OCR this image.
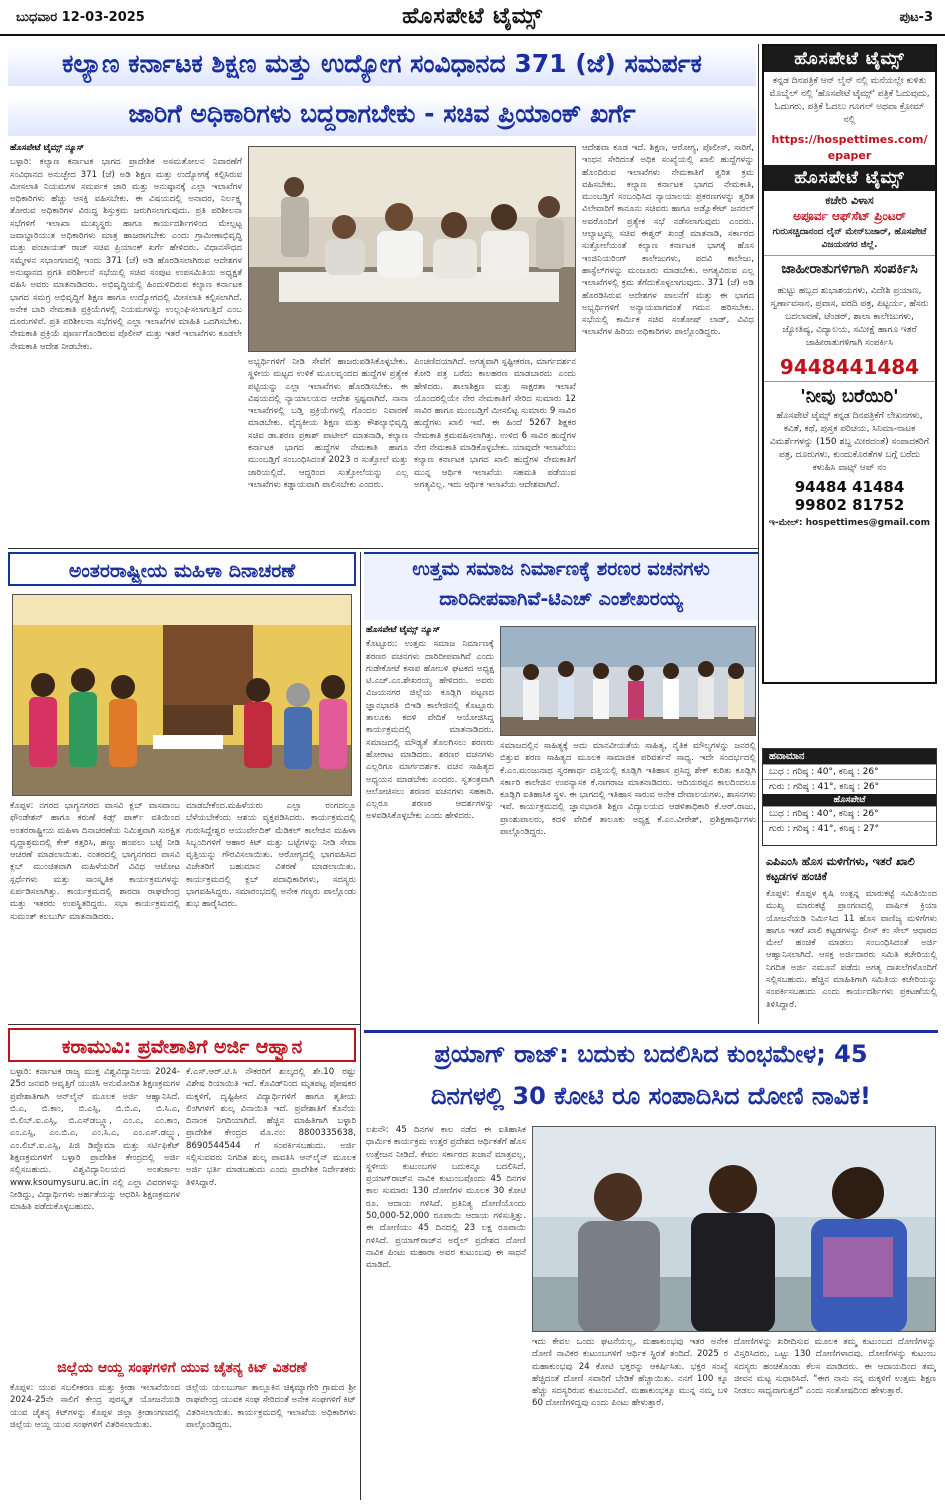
ಬುಧವಾರ 12-03-2025	ಹೊಸಪೇಟೆ ಟೈಮ್ಸ್	ಪುಟ-3
ಕಲ್ಯಾಣ ಕರ್ನಾಟಕ ಶಿಕ್ಷಣ ಮತ್ತು ಉದ್ಯೋಗ ಸಂವಿಧಾನದ 371 (ಜೆ) ಸಮರ್ಪಕ
ಜಾರಿಗೆ ಅಧಿಕಾರಿಗಳು ಬದ್ದರಾಗಬೇಕು - ಸಚಿವ ಪ್ರಿಯಾಂಕ್ ಖರ್ಗೆ

ಹೊಸಪೇಟೆ ಟೈಮ್ಸ್ ನ್ಯೂಸ್

ಬಳ್ಳಾರಿ: ಕಲ್ಯಾಣ ಕರ್ನಾಟಕ ಭಾಗದ ಪ್ರಾದೇಶಿಕ ಅಸಮತೋಲನ ನಿವಾರಣೆಗೆ ಸಂವಿಧಾನದ ಅನುಚ್ಛೇದ 371 (ಜೆ) ಅಡಿ ಶಿಕ್ಷಣ ಮತ್ತು ಉದ್ಯೋಗಕ್ಕೆ ಕಲ್ಪಿಸಿರುವ ಮೀಸಲಾತಿ ನಿಯಮಗಳ ಸಮರ್ಪಕ ಜಾರಿ ಮತ್ತು ಅನುಷ್ಠಾನಕ್ಕೆ ಎಲ್ಲಾ ಇಲಾಖೆಗಳ ಅಧಿಕಾರಿಗಳು ಹೆಚ್ಚು ಆಸಕ್ತಿ ವಹಿಸಬೇಕು. ಈ ವಿಷಯದಲ್ಲಿ ಅನಾದರ, ನಿರ್ಲಕ್ಷ್ಯ ತೋರುವ ಅಧಿಕಾರಿಗಳ ವಿರುದ್ಧ ಶಿಸ್ತುಕ್ರಮ ಜರುಗಿಸಲಾಗುವುದು. ಪ್ರತಿ ಪರಿಶೀಲನಾ ಸಭೆಗಳಿಗೆ ಇಲಾಖಾ ಮುಖ್ಯಸ್ಥರು ಹಾಗೂ ಕಾರ್ಯದರ್ಶಿಗಳಿಂದ ಮೇಲ್ಪಟ್ಟ ಜವಾಬ್ದಾರಿಯುತ ಅಧಿಕಾರಿಗಳು ಮಾತ್ರ ಹಾಜರಾಗಬೇಕು ಎಂದು ಗ್ರಾಮೀಣಾಭಿವೃದ್ಧಿ ಮತ್ತು ಪಂಚಾಯತ್ ರಾಜ್ ಸಚಿವ ಪ್ರಿಯಾಂಕ್ ಖರ್ಗೆ ಹೇಳಿದರು. ವಿಧಾನಸೌಧದ ಸಮ್ಮೇಳನ ಸಭಾಂಗಣದಲ್ಲಿ ಇಂದು 371 (ಜೆ) ಅಡಿ ಹೊರಡಿಸಲಾಗಿರುವ ಆದೇಶಗಳ ಅನುಷ್ಠಾನದ ಪ್ರಗತಿ ಪರಿಶೀಲನೆ ಸಭೆಯಲ್ಲಿ ಸಚಿವ ಸಂಪುಟ ಉಪಸಮಿತಿಯ ಅಧ್ಯಕ್ಷತೆ ವಹಿಸಿ ಅವರು ಮಾತನಾಡಿದರು. ಅಭಿವೃದ್ಧಿಯಲ್ಲಿ ಹಿಂದುಳಿದಿರುವ ಕಲ್ಯಾಣ ಕರ್ನಾಟಕ ಭಾಗದ ಸಮಗ್ರ ಅಭಿವೃದ್ಧಿಗೆ ಶಿಕ್ಷಣ ಹಾಗೂ ಉದ್ಯೋಗದಲ್ಲಿ ಮೀಸಲಾತಿ ಕಲ್ಪಿಸಲಾಗಿದೆ. ಅನೇಕ ಬಾರಿ ನೇಮಕಾತಿ ಪ್ರಕ್ರಿಯೆಗಳಲ್ಲಿ ನಿಯಮಗಳನ್ನು ಉಲ್ಲಂಘಿಸಲಾಗುತ್ತಿದೆ ಎಂಬ ದೂರುಗಳಿವೆ. ಪ್ರತಿ ಪರಿಶೀಲನಾ ಸಭೆಗಳಲ್ಲಿ ಎಲ್ಲಾ ಇಲಾಖೆಗಳ ಮಾಹಿತಿ ಒದಗಿಸಬೇಕು. ನೇಮಕಾತಿ ಪ್ರಕ್ರಿಯೆ ಪೂರ್ಣಗೊಂಡಿರುವ ಪೊಲೀಸ್ ಮತ್ತು ಇತರೆ ಇಲಾಖೆಗಳು ಕೂಡಲೇ ನೇಮಕಾತಿ ಆದೇಶ ನೀಡಬೇಕು.

ಅಭ್ಯರ್ಥಿಗಳಿಗೆ ನೀಡಿ ಸೇವೆಗೆ ಹಾಜರುಪಡಿಸಿಕೊಳ್ಳಬೇಕು. ಸ್ಥಳೀಯ ಮಟ್ಟದ ಉಳಿಕೆ ಮೂಲವೃಂದದ ಹುದ್ದೆಗಳ ಪ್ರತ್ಯೇಕ ಪಟ್ಟಿಯನ್ನು ಎಲ್ಲಾ ಇಲಾಖೆಗಳು ಹೊರಡಿಸಬೇಕು. ಈ ವಿಷಯದಲ್ಲಿ ನ್ಯಾಯಾಲಯದ ಆದೇಶ ಸ್ಪಷ್ಟವಾಗಿದೆ. ನಾನಾ ಇಲಾಖೆಗಳಲ್ಲಿ ಬಡ್ತಿ ಪ್ರಕ್ರಿಯೆಗಳಲ್ಲಿ ಗೊಂದಲ ನಿವಾರಣೆ ಮಾಡಬೇಕು. ವೈದ್ಯಕೀಯ ಶಿಕ್ಷಣ ಮತ್ತು ಕೌಶಲ್ಯಾಭಿವೃದ್ಧಿ ಸಚಿವ ಡಾ.ಶರಣ ಪ್ರಕಾಶ್ ಪಾಟೀಲ್ ಮಾತನಾಡಿ, ಕಲ್ಯಾಣ ಕರ್ನಾಟಕ ಭಾಗದ ಹುದ್ದೆಗಳ ನೇಮಕಾತಿ ಹಾಗೂ ಮುಂಬಡ್ತಿಗೆ ಸಂಬಂಧಿಸಿದಂತೆ 2023 ರ ಸುತ್ತೋಲೆ ಮತ್ತು ಜಾರಿಯಲ್ಲಿದೆ. ಆದ್ದರಿಂದ ಸುತ್ತೋಲೆಯನ್ನು ಎಲ್ಲ ಇಲಾಖೆಗಳು ಕಡ್ಡಾಯವಾಗಿ ಪಾಲಿಸಬೇಕು ಎಂದರು.
ಪಿಂಚಣಿದಯಾಗಿದೆ. ಅಗತ್ಯವಾಗಿ ಸ್ಪಷ್ಟೀಕರಣ, ಮಾರ್ಗದರ್ಶನ ಕೋರಿ ಪತ್ರ ಬರೆದು ಕಾಲಹರಣ ಮಾಡಬಾರದು ಎಂದು ಹೇಳಿದರು. ಶಾಲಾಶಿಕ್ಷಣ ಮತ್ತು ಸಾಕ್ಷರತಾ ಇಲಾಖೆ ಯೊಂದರಲ್ಲಿಯೇ ನೇರ ನೇಮಕಾತಿಗೆ ಸೇರಿದ ಸುಮಾರು 12 ಸಾವಿರ ಹಾಗೂ ಮುಂಬಡ್ತಿಗೆ ಮೀಸಲಿಟ್ಟ ಸುಮಾರು 9 ಸಾವಿರ ಹುದ್ದೆಗಳು ಖಾಲಿ ಇವೆ. ಈ ಹಿಂದೆ 5267 ಶಿಕ್ಷಕರ ನೇಮಕಾತಿ ಕ್ರಮವಹಿಸಲಾಗಿತ್ತು. ಉಳಿದ 6 ಸಾವಿರ ಹುದ್ದೆಗಳ ನೇರ ನೇಮಕಾತಿ ಮಾಡಿಕೊಳ್ಳಬೇಕು. ಯಾವುದೇ ಇಲಾಖೆಯು ಕಲ್ಯಾಣ ಕರ್ನಾಟಕ ಭಾಗದ ಖಾಲಿ ಹುದ್ದೆಗಳ ನೇಮಕಾತಿಗೆ ಮುನ್ನ ಆರ್ಥಿಕ ಇಲಾಖೆಯ ಸಹಮತಿ ಪಡೆಯುವ ಅಗತ್ಯವಿಲ್ಲ. ಇದು ಆರ್ಥಿಕ ಇಲಾಖೆಯ ಆದೇಶವಾಗಿದೆ.
ಆದೇಶವಾ ಕೂಡ ಇದೆ. ಶಿಕ್ಷಣ, ಆರೋಗ್ಯ, ಪೊಲೀಸ್, ಸಾರಿಗೆ, ಇಂಧನ ಸೇರಿದಂತೆ ಅಧಿಕ ಸಂಖ್ಯೆಯಲ್ಲಿ ಖಾಲಿ ಹುದ್ದೆಗಳನ್ನು ಹೊಂದಿರುವ ಇಲಾಖೆಗಳು ನೇಮಕಾತಿಗೆ ತ್ವರಿತ ಕ್ರಮ ವಹಿಸಬೇಕು. ಕಲ್ಯಾಣ ಕರ್ನಾಟಕ ಭಾಗದ ನೇಮಕಾತಿ, ಮುಂಬಡ್ತಿಗೆ ಸಂಬಂಧಿಸಿದ ನ್ಯಾಯಾಲಯ ಪ್ರಕರಣಗಳನ್ನು ತ್ವರಿತ ವಿಲೇವಾರಿಗೆ ಕಾನೂನು ಸಚಿವರು ಹಾಗೂ ಅಡ್ವೊಕೇಟ್ ಜನರಲ್ ಅವರೊಂದಿಗೆ ಪ್ರತ್ಯೇಕ ಸಭೆ ನಡೆಸಲಾಗುವುದು ಎಂದರು. ಆಲ್ಯಾಟ್ಮಮ್ಲ ಸಚಿವ ಈಶ್ವರ್ ಖಂಡ್ರೆ ಮಾತನಾಡಿ, ಸರ್ಕಾರದ ಸುತ್ತೋಲೆಯಂತೆ ಕಲ್ಯಾಣ ಕರ್ನಾಟಕ ಭಾಗಕ್ಕೆ ಹೊಸ ಇಂಜಿನಿಯರಿಂಗ್ ಕಾಲೇಜುಗಳು, ಪದವಿ ಕಾಲೇಜು, ಹಾಸ್ಟೆಲ್‌ಗಳನ್ನು ಮಂಜೂರು ಮಾಡಬೇಕು. ಅಗತ್ಯವಿರುವ ಎಲ್ಲ ಇಲಾಖೆಗಳಲ್ಲಿ ಕ್ರಮ ತೆಗೆದುಕೊಳ್ಳಲಾಗುವುದು. 371 (ಜೆ) ಅಡಿ ಹೊರಡಿಸಿರುವ ಆದೇಶಗಳ ಪಾಲನೆಗೆ ಮತ್ತು ಈ ಭಾಗದ ಅಭ್ಯರ್ಥಿಗಳಿಗೆ ಅನ್ಯಾಯವಾಗದಂತೆ ಗಮನ ಹರಿಸಬೇಕು. ಸಭೆಯಲ್ಲಿ ಕಾರ್ಮಿಕ ಸಚಿವ ಸಂತೋಷ್ ಲಾಡ್, ವಿವಿಧ ಇಲಾಖೆಗಳ ಹಿರಿಯ ಅಧಿಕಾರಿಗಳು ಪಾಲ್ಗೊಂಡಿದ್ದರು.
ಹೊಸಪೇಟೆ ಟೈಮ್ಸ್
ಕನ್ನಡ ದಿನಪತ್ರಿಕೆ ಆನ್ ಲೈನ್ ನಲ್ಲಿ ಮನೆಯಲ್ಲೇ ಕುಳಿತು ಮೊಬೈಲ್ ನಲ್ಲಿ 'ಹೊಸಪೇಟೆ ಟೈಮ್ಸ್' ಪತ್ರಿಕೆ ಓದುವುದು, ಓದುಗರು, ಪತ್ರಿಕೆ ಓದಲು ಗೂಗಲ್ ಅಥವಾ ಕ್ರೋಮ್ ನಲ್ಲಿ
https://hospettimes.com/
epaper
ಹೊಸಪೇಟೆ ಟೈಮ್ಸ್
ಕಚೇರಿ ವಿಳಾಸ
ಅಪೂರ್ವ ಆಫ್‌ಸೆಟ್ ಪ್ರಿಂಟರ್
ಗುರುಸಚ್ಚಿದಾನಂದ ಲೈನ್ ಮೇನ್‌ಬಜಾರ್, ಹೊಸಪೇಟೆ ವಿಜಯನಗರ ಜಿಲ್ಲೆ.
ಜಾಹೀರಾತುಗಳಿಗಾಗಿ ಸಂಪರ್ಕಿಸಿ
ಹುಟ್ಟು ಹಬ್ಬದ ಶುಭಾಶಯಗಳು, ವಿದೇಶಿ ಪ್ರಯಾಣ, ಸ್ವರ್ಣಾವಸಾನ, ಪ್ರವಾಸ, ವರದಿ ಪತ್ರ, ಪಿಟ್ಟರ್ಯ, ಹೆಸರು ಬದಲಾವಣೆ, ಟೆಂಡರ್, ಶಾಲಾ ಕಾಲೇಜುಗಳು, ಜ್ಯೋತಿಷ್ಯ, ವಿದ್ಯಾಲಯ, ಸಮೀಕ್ಷೆ ಹಾಗೂ ಇತರೆ ಜಾಹೀರಾತುಗಳಿಗಾಗಿ ಸಂಪರ್ಕಿಸಿ
9448441484
'ನೀವು ಬರೆಯಿರಿ'
ಹೊಸಪೇಟೆ ಟೈಮ್ಸ್ ಕನ್ನಡ ದಿನಪತ್ರಿಕೆಗೆ ಲೇಖನಗಳು, ಕವಿತೆ, ಕಥೆ, ಪುಸ್ತಕ ಪರಿಚಯ, ಸಿನಿಮಾ-ನಾಟಕ ವಿಮರ್ಶೆಗಳನ್ನು (150 ಶಬ್ದ ಮೀರದಂತೆ) ಸಂಪಾದಕರಿಗೆ ಪತ್ರ, ದೂರುಗಳು, ಕುಂದುಕೊರತೆಗಳ ಬಗ್ಗೆ ಬರೆದು ಕಳುಹಿಸಿ ವಾಟ್ಸ್ ಆಪ್ ನಂ
94484 41484
99802 81752
ಇ-ಮೇಲ್: hospettimes@gmail.com
ಹವಾಮಾನ
ಬುಧ : ಗರಿಷ್ಠ : 40°, ಕನಿಷ್ಠ : 26°
ಗುರು : ಗರಿಷ್ಠ : 41°, ಕನಿಷ್ಠ : 26°
ಹೊಸಪೇಟೆ
ಬುಧ : ಗರಿಷ್ಠ : 40°, ಕನಿಷ್ಠ : 26°
ಗುರು : ಗರಿಷ್ಠ : 41°, ಕನಿಷ್ಠ : 27°
ಎಪಿಎಂಸಿ ಹೊಸ ಮಳಿಗೆಗಳು, ಇತರೆ ಖಾಲಿ ಕಟ್ಟಡಗಳ ಹಂಚಿಕೆ
ಕೊಪ್ಪಳ: ಕೊಪ್ಪಳ ಕೃಷಿ ಉತ್ಪನ್ನ ಮಾರುಕಟ್ಟೆ ಸಮಿತಿಯಿಂದ ಮುಖ್ಯ ಮಾರುಕಟ್ಟೆ ಪ್ರಾಂಗಣದಲ್ಲಿ ವಾರ್ಷಿಕ ಕ್ರಿಯಾ ಯೋಜನೆಯಡಿ ನಿರ್ಮಿಸಿದ 11 ಹೊಸ ವಾಣಿಜ್ಯ ಮಳಿಗೆಗಳು ಹಾಗೂ ಇತರೆ ಖಾಲಿ ಕಟ್ಟಡಗಳನ್ನು ಲೀಸ್ ಕಂ ಸೇಲ್ ಆಧಾರದ ಮೇಲೆ ಹಂಚಿಕೆ ಮಾಡಲು ಸಂಬಂಧಿಸಿದಂತೆ ಅರ್ಜಿ ಆಹ್ವಾನಿಸಲಾಗಿದೆ. ಆಸಕ್ತ ಅರ್ಜಿದಾರರು ಸಮಿತಿ ಕಚೇರಿಯಲ್ಲಿ ನಿಗದಿತ ಅರ್ಜಿ ನಮೂನೆ ಪಡೆದು ಅಗತ್ಯ ದಾಖಲೆಗಳೊಂದಿಗೆ ಸಲ್ಲಿಸಬಹುದು. ಹೆಚ್ಚಿನ ಮಾಹಿತಿಗಾಗಿ ಸಮಿತಿಯ ಕಚೇರಿಯನ್ನು ಸಂಪರ್ಕಿಸಬಹುದು ಎಂದು ಕಾರ್ಯದರ್ಶಿಗಳು ಪ್ರಕಟಣೆಯಲ್ಲಿ ತಿಳಿಸಿದ್ದಾರೆ.
ಅಂತರರಾಷ್ಟ್ರೀಯ ಮಹಿಳಾ ದಿನಾಚರಣೆ
ಕೊಪ್ಪಳ: ನಗರದ ಭಾಗ್ಯನಗರದ ವಾಸವಿ ಕ್ಲಬ್ ವಾಸವಾಂಬ ಫೌಂಡೇಶನ್ ಹಾಗೂ ಕರುಣೆ ಕಿಡ್ಸ್ ಪಾರ್ಕ್ ವತಿಯಿಂದ ಅಂತರರಾಷ್ಟ್ರೀಯ ಮಹಿಳಾ ದಿನಾಚರಣೆಯ ನಿಮಿತ್ತವಾಗಿ ಸುರಕ್ಷಿತ ವೃದ್ಧಾಶ್ರಮದಲ್ಲಿ ಕೇಕ್ ಕತ್ತರಿಸಿ, ಹಣ್ಣು ಹಂಪಲು ಬಟ್ಟೆ ನೀಡಿ ಆಚರಣೆ ಮಾಡಲಾಯಿತು. ನಂತರದಲ್ಲಿ ಭಾಗ್ಯನಗರದ ವಾಸವಿ ಕ್ಲಬ್ ಮುಂಚಿತವಾಗಿ ಮಹಿಳೆಯರಿಗೆ ವಿವಿಧ ಆಟೋಟ ಸ್ಪರ್ಧೆಗಳು ಮತ್ತು ಸಾಂಸ್ಕೃತಿಕ ಕಾರ್ಯಕ್ರಮಗಳನ್ನು ಏರ್ಪಡಿಸಲಾಗಿತ್ತು. ಕಾರ್ಯಕ್ರಮದಲ್ಲಿ ಶಾರದಾ ರಾಘವೇಂದ್ರ ಮತ್ತು ಇತರರು ಉಪಸ್ಥಿತರಿದ್ದರು. ಸಭಾ ಕಾರ್ಯಕ್ರಮದಲ್ಲಿ ಸುಮಂತ್ ಕಲಬುರ್ಗಿ ಮಾತನಾಡಿದರು.
ಮಾಡಬೇಕೆಂದ.ಮಹಿಳೆಯರು ಎಲ್ಲಾ ರಂಗದಲ್ಲೂ ಬೆಳೆಯಬೇಕೆಂದು ಆಶಯ ವ್ಯಕ್ತಪಡಿಸಿದರು. ಕಾರ್ಯಕ್ರಮದಲ್ಲಿ ಗುರುಸಿದ್ದೇಶ್ವರ ಆಯುರ್ವೇದಿಕ್ ಮೆಡಿಕಲ್ ಕಾಲೇಜಿನ ಮಹಿಳಾ ಸಿಬ್ಬಂದಿಗಳಿಗೆ ಆಹಾರ ಕಿಟ್ ಮತ್ತು ಬಟ್ಟೆಗಳನ್ನು ನೀಡಿ ಸೇವಾ ವೃತ್ತಿಯನ್ನು ಗೌರವಿಸಲಾಯಿತು. ಆರೋಗ್ಯದಲ್ಲಿ ಭಾಗವಹಿಸಿದ ವಿಜೇತರಿಗೆ ಬಹುಮಾನ ವಿತರಣೆ ಮಾಡಲಾಯಿತು. ಕಾರ್ಯಕ್ರಮದಲ್ಲಿ ಕ್ಲಬ್ ಪದಾಧಿಕಾರಿಗಳು, ಸದಸ್ಯರು ಭಾಗವಹಿಸಿದ್ದರು. ಸಮಾರಂಭದಲ್ಲಿ ಅನೇಕ ಗಣ್ಯರು ಪಾಲ್ಗೊಂಡು ಶುಭ ಹಾರೈಸಿದರು.
ಉತ್ತಮ ಸಮಾಜ ನಿರ್ಮಾಣಕ್ಕೆ ಶರಣರ ವಚನಗಳು
ದಾರಿದೀಪವಾಗಿವೆ-ಟಿಎಚ್ ಎಂಶೇಖರಯ್ಯ

ಹೊಸಪೇಟೆ ಟೈಮ್ಸ್ ನ್ಯೂಸ್

ಕೊಟ್ಟೂರು: ಉತ್ತಮ ಸಮಾಜ ನಿರ್ಮಾಣಕ್ಕೆ ಶರಣರ ವಚನಗಳು ದಾರಿದೀಪವಾಗಿವೆ ಎಂದು ಗುಡೇಕೋಟೆ ಕಸಾಪ ಹೋಬಳಿ ಘಟಕದ ಅಧ್ಯಕ್ಷ ಟಿ.ಎಚ್.ಎಂ.ಶೇಖರಯ್ಯ ಹೇಳಿದರು. ಅವರು ವಿಜಯನಗರ ಜಿಲ್ಲೆಯ ಕೂಡ್ಲಿಗಿ ಪಟ್ಟಣದ ಜ್ಞಾನಭಾರತಿ ಬಿಇಡಿ ಕಾಲೇಜಿನಲ್ಲಿ ಕೊಟ್ಟೂರು ತಾಲೂಕು ಕದಳಿ ವೇದಿಕೆ ಆಯೋಜಿಸಿದ್ದ ಕಾರ್ಯಕ್ರಮದಲ್ಲಿ ಮಾತನಾಡಿದರು. ಸಮಾಜದಲ್ಲಿ ಮೌಢ್ಯತೆ ತೊಲಗಿಸಲು ಶರಣರು ಹೋರಾಟ ಮಾಡಿದರು. ಶರಣರ ವಚನಗಳು ಎಲ್ಲರಿಗೂ ಮಾರ್ಗದರ್ಶಕ. ವಚನ ಸಾಹಿತ್ಯದ ಅಧ್ಯಯನ ಮಾಡಬೇಕು ಎಂದರು. ಸ್ವತಂತ್ರವಾಗಿ ಆಲೋಚಿಸಲು ಶರಣರ ವಚನಗಳು ಸಹಕಾರಿ. ಎಲ್ಲರೂ ಶರಣರ ಆದರ್ಶಗಳನ್ನು ಅಳವಡಿಸಿಕೊಳ್ಳಬೇಕು ಎಂದು ಹೇಳಿದರು.

ಸಮಾಜದಲ್ಲಿನ ಸಾಹಿತ್ಯಕ್ಕೆ ಅದು ಮಾನವೀಯತೆಯ ಸಾಹಿತ್ಯ, ನೈತಿಕ ಮೌಲ್ಯಗಳನ್ನು ಜನರಲ್ಲಿ ಬಿತ್ತುವ ಶರಣ ಸಾಹಿತ್ಯದ ಮೂಲಕ ಸಾಮಾಜಿಕ ಪರಿವರ್ತನೆ ಸಾಧ್ಯ. ಇದೇ ಸಂದರ್ಭದಲ್ಲಿ ಕೆ.ಎಂ.ಮಂಜುನಾಥ ಸ್ವರಣಾರ್ಥ ದತ್ತಿಯಲ್ಲಿ ಕೂಡ್ಲಿಗಿ ಇತಿಹಾಸ ಪ್ರಸಿದ್ಧ ಶೇಕ್ ಕುರಿತು ಕೂಡ್ಲಿಗಿ ಸರ್ಕಾರಿ ಕಾಲೇಜಿನ ಉಪನ್ಯಾಸಕ ಕೆ.ನಾಗರಾಜ ಮಾತನಾಡಿದರು. ಆದಿಯರಪ್ಪನ ಕಾಲದಿಂದಲೂ ಕೂಡ್ಲಿಗಿ ಐತಿಹಾಸಿಕ ಸ್ಥಳ. ಈ ಭಾಗದಲ್ಲಿ ಇತಿಹಾಸ ಸಾರುವ ಅನೇಕ ದೇವಾಲಯಗಳು, ಶಾಸನಗಳು ಇವೆ. ಕಾರ್ಯಕ್ರಮದಲ್ಲಿ ಜ್ಞಾನಭಾರತಿ ಶಿಕ್ಷಣ ವಿದ್ಯಾಲಯದ ಆಡಳಿತಾಧಿಕಾರಿ ಕೆ.ಆರ್.ರಾಜು, ಪ್ರಾಂಶುಪಾಲರು, ಕದಳಿ ವೇದಿಕೆ ತಾಲೂಕು ಅಧ್ಯಕ್ಷ ಕೆ.ಎಂ.ವೀರೇಶ್, ಪ್ರಶಿಕ್ಷಣಾರ್ಥಿಗಳು ಪಾಲ್ಗೊಂಡಿದ್ದರು.
ಕರಾಮುವಿ: ಪ್ರವೇಶಾತಿಗೆ ಅರ್ಜಿ ಆಹ್ವಾನ
ಬಳ್ಳಾರಿ: ಕರ್ನಾಟಕ ರಾಜ್ಯ ಮುಕ್ತ ವಿಶ್ವವಿದ್ಯಾನಿಲಯ 2024-25ರ ಜನವರಿ ಆವೃತ್ತಿಗೆ ಯುಜಿಸಿ ಅನುಮೋದಿತ ಶಿಕ್ಷಣಕ್ರಮಗಳ ಪ್ರವೇಶಾತಿಗಾಗಿ ಆನ್‌ಲೈನ್ ಮೂಲಕ ಅರ್ಜಿ ಆಹ್ವಾನಿಸಿದೆ. ಬಿ.ಎ, ಬಿ.ಕಾಂ, ಬಿ.ಎಸ್ಸಿ, ಬಿ.ಬಿ.ಎ, ಬಿ.ಸಿ.ಎ, ಬಿ.ಲಿಬ್.ಐ.ಎಸ್ಸಿ, ಬಿ.ಎಸ್‌ಡಬ್ಲ್ಯೂ, ಎಂ.ಎ, ಎಂ.ಕಾಂ, ಎಂ.ಎಸ್ಸಿ, ಎಂ.ಬಿ.ಎ, ಎಂ.ಸಿ.ಎ, ಎಂ.ಎಸ್.ಡಬ್ಲ್ಯು, ಎಂ.ಲಿಬ್.ಐ.ಎಸ್ಸಿ, ಪಿಜಿ ಡಿಪ್ಲೊಮಾ ಮತ್ತು ಸರ್ಟಿಫಿಕೆಟ್ ಶಿಕ್ಷಣಕ್ರಮಗಳಿಗೆ ಬಳ್ಳಾರಿ ಪ್ರಾದೇಶಿಕ ಕೇಂದ್ರದಲ್ಲಿ ಅರ್ಜಿ ಸಲ್ಲಿಸಬಹುದು. ವಿಶ್ವವಿದ್ಯಾನಿಲಯದ ಅಂತರ್ಜಾಲ www.ksoumysuru.ac.in ನಲ್ಲಿ ಎಲ್ಲಾ ವಿವರಗಳನ್ನು ನೀಡಿದ್ದು, ವಿದ್ಯಾರ್ಥಿಗಳು ಅರ್ಹತೆಯನ್ನು ಆಧರಿಸಿ ಶಿಕ್ಷಣಕ್ರಮಗಳ ಮಾಹಿತಿ ಪಡೆದುಕೊಳ್ಳಬಹುದು.
ಕೆ.ಎಸ್.ಆರ್.ಟಿ.ಸಿ ನೌಕರರಿಗೆ ಶುಲ್ಕದಲ್ಲಿ ಶೇ.10 ರಷ್ಟು ವಿಶೇಷ ರಿಯಾಯಿತಿ ಇದೆ. ಕೊವಿಡ್‌ನಿಂದ ಮೃತಪಟ್ಟ ಪೋಷಕರ ಮಕ್ಕಳಿಗೆ, ದೃಷ್ಟಿಹೀನ ವಿದ್ಯಾರ್ಥಿಗಳಿಗೆ ಹಾಗೂ ತೃತೀಯ ಲಿಂಗಿಗಳಿಗೆ ಶುಲ್ಕ ವಿನಾಯಿತಿ ಇದೆ. ಪ್ರವೇಶಾತಿಗೆ ಕೊನೆಯ ದಿನಾಂಕ ನಿಗದಿಯಾಗಿದೆ. ಹೆಚ್ಚಿನ ಮಾಹಿತಿಗಾಗಿ ಬಳ್ಳಾರಿ ಪ್ರಾದೇಶಿಕ ಕೇಂದ್ರದ ಮೊ.ನಂ: 8800335638, 8690544544 ಗೆ ಸಂಪರ್ಕಿಸಬಹುದು. ಅರ್ಜಿ ಸಲ್ಲಿಸುವವರು ನಿಗದಿತ ಶುಲ್ಕ ಪಾವತಿಸಿ ಆನ್‌ಲೈನ್ ಮೂಲಕ ಅರ್ಜಿ ಭರ್ತಿ ಮಾಡಬಹುದು ಎಂದು ಪ್ರಾದೇಶಿಕ ನಿರ್ದೇಶಕರು ತಿಳಿಸಿದ್ದಾರೆ.
ಜಿಲ್ಲೆಯ ಆಯ್ದ ಸಂಘಗಳಿಗೆ ಯುವ ಚೈತನ್ಯ ಕಿಟ್ ವಿತರಣೆ
ಕೊಪ್ಪಳ: ಯುವ ಸಬಲೀಕರಣ ಮತ್ತು ಕ್ರೀಡಾ ಇಲಾಖೆಯಿಂದ 2024-25ನೇ ಸಾಲಿಗೆ ಕೇಂದ್ರ ಪುರಸ್ಕೃತ ಯೋಜನೆಯಡಿ ಯುವ ಚೈತನ್ಯ ಕಿಟ್‌ಗಳನ್ನು ಕೊಪ್ಪಳ ಜಿಲ್ಲಾ ಕ್ರೀಡಾಂಗಣದಲ್ಲಿ ಜಿಲ್ಲೆಯ ಆಯ್ದ ಯುವ ಸಂಘಗಳಿಗೆ ವಿತರಿಸಲಾಯಿತು.
ಜಿಲ್ಲೆಯ ಯಲಬುರ್ಗಾ ತಾಲ್ಲೂಕಿನ ಚಿಕ್ಕಮ್ಯಾಗೇರಿ ಗ್ರಾಮದ ಶ್ರೀ ರಾಘವೇಂದ್ರ ಯುವಕ ಸಂಘ ಸೇರಿದಂತೆ ಅನೇಕ ಸಂಘಗಳಿಗೆ ಕಿಟ್ ವಿತರಿಸಲಾಯಿತು. ಕಾರ್ಯಕ್ರಮದಲ್ಲಿ ಇಲಾಖೆಯ ಅಧಿಕಾರಿಗಳು ಪಾಲ್ಗೊಂಡಿದ್ದರು.
ಪ್ರಯಾಗ್ ರಾಜ್: ಬದುಕು ಬದಲಿಸಿದ ಕುಂಭಮೇಳ; 45
ದಿನಗಳಲ್ಲಿ 30 ಕೋಟಿ ರೂ ಸಂಪಾದಿಸಿದ ದೋಣಿ ನಾವಿಕ!
ಲಖನೌ: 45 ದಿನಗಳ ಕಾಲ ನಡೆದ ಈ ಐತಿಹಾಸಿಕ ಧಾರ್ಮಿಕ ಕಾರ್ಯಕ್ರಮ ಉತ್ತರ ಪ್ರದೇಶದ ಆರ್ಥಿಕತೆಗೆ ಹೊಸ ಉತ್ತೇಜನ ನೀಡಿದೆ. ಕೇವಲ ಸರ್ಕಾರದ ಖಜಾನೆ ಮಾತ್ರವಲ್ಲ, ಸ್ಥಳೀಯ ಕುಟುಂಬಗಳ ಬದುಕನ್ನೂ ಬದಲಿಸಿದೆ. ಪ್ರಯಾಗ್‌ರಾಜ್‌ನ ನಾವಿಕ ಕುಟುಂಬವೊಂದು 45 ದಿನಗಳ ಕಾಲ ಸುಮಾರು 130 ದೋಣಿಗಳ ಮೂಲಕ 30 ಕೋಟಿ ರೂ. ಆದಾಯ ಗಳಿಸಿದೆ. ಪ್ರತಿನಿತ್ಯ ದೋಣಿಯೊಂದು 50,000-52,000 ರೂಪಾಯಿ ಆದಾಯ ಗಳಿಸುತ್ತಿತ್ತು. ಈ ದೋಣಿಯು 45 ದಿನದಲ್ಲಿ 23 ಲಕ್ಷ ರೂಪಾಯಿ ಗಳಿಸಿದೆ. ಪ್ರಯಾಗ್‌ರಾಜ್‌ನ ಅರೈಲ್ ಪ್ರದೇಶದ ದೋಣಿ ನಾವಿಕ ಪಿಂಟು ಮಹಾರಾ ಅವರ ಕುಟುಂಬವು ಈ ಸಾಧನೆ ಮಾಡಿದೆ.
ಇದು ಕೇವಲ ಒಂದು ಘಟನೆಯಲ್ಲ, ಮಹಾಕುಂಭವು ಇತರ ಅನೇಕ ದೋಣಿ ನಾವಿಕರ ಕುಟುಂಬಗಳಿಗೆ ಆರ್ಥಿಕ ಸ್ಥಿರತೆ ತಂದಿದೆ. 2025 ರ ಮಹಾಕುಂಭವು 24 ಕೋಟಿ ಭಕ್ತರನ್ನು ಆಕರ್ಷಿಸಿತು. ಭಕ್ತರ ಸಂಖ್ಯೆ ಹೆಚ್ಚಿದಂತೆ ದೋಣಿ ಸವಾರಿಗೆ ಬೇಡಿಕೆ ಹೆಚ್ಚಾಯಿತು. ನನಗೆ 100 ಕ್ಕೂ ಹೆಚ್ಚು ಸದಸ್ಯರಿರುವ ಕುಟುಂಬವಿದೆ. ಮಹಾಕುಂಭಕ್ಕೂ ಮುನ್ನ ನಮ್ಮ ಬಳಿ 60 ದೋಣಿಗಳಿದ್ದವು ಎಂದು ಪಿಂಟು ಹೇಳುತ್ತಾರೆ.
ದೋಣಿಗಳನ್ನು ಖರೀದಿಸುವ ಮೂಲಕ ತಮ್ಮ ಕುಟುಂಬದ ದೋಣಿಗಳನ್ನು ವಿಸ್ತರಿಸಿದರು, ಒಟ್ಟು 130 ದೋಣಿಗಳಾದವು. ದೋಣಿಗಳನ್ನು ಕುಟುಂಬ ಸದಸ್ಯರು ಹಂಚಿಕೊಂಡು ಕೆಲಸ ಮಾಡಿದರು. ಈ ಆದಾಯದಿಂದ ತಮ್ಮ ಜೀವನ ಮಟ್ಟ ಸುಧಾರಿಸಿದೆ. "ಈಗ ನಾನು ನನ್ನ ಮಕ್ಕಳಿಗೆ ಉತ್ತಮ ಶಿಕ್ಷಣ ನೀಡಲು ಸಾಧ್ಯವಾಗುತ್ತದೆ" ಎಂದು ಸಂತೋಷದಿಂದ ಹೇಳುತ್ತಾರೆ.
